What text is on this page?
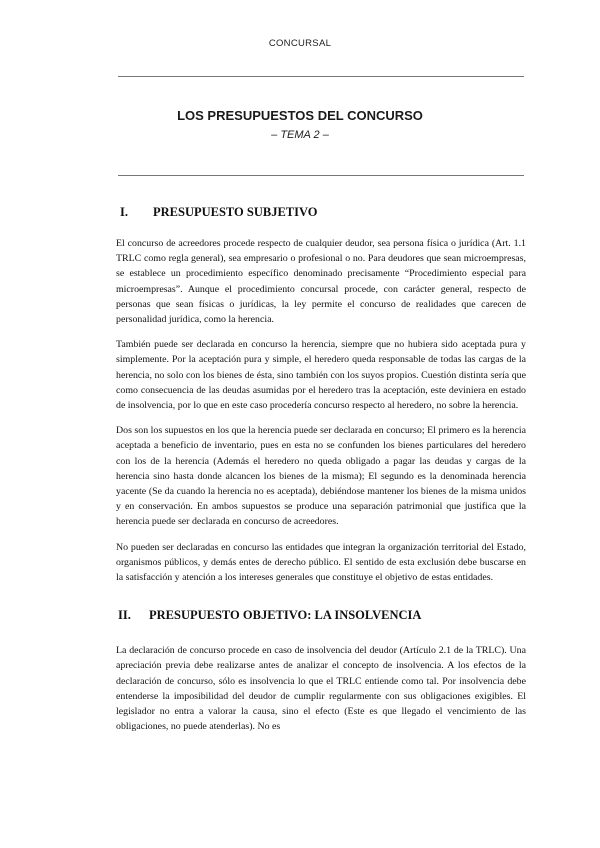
CONCURSAL
LOS PRESUPUESTOS DEL CONCURSO
– TEMA 2 –
I.	PRESUPUESTO SUBJETIVO

El concurso de acreedores procede respecto de cualquier deudor, sea persona física o jurídica (Art. 1.1 TRLC como regla general), sea empresario o profesional o no. Para deudores que sean microempresas, se establece un procedimiento específico denominado precisamente “Procedimiento especial para microempresas”. Aunque el procedimiento concursal procede, con carácter general, respecto de personas que sean físicas o jurídicas, la ley permite el concurso de realidades que carecen de personalidad jurídica, como la herencia.

También puede ser declarada en concurso la herencia, siempre que no hubiera sido aceptada pura y simplemente. Por la aceptación pura y simple, el heredero queda responsable de todas las cargas de la herencia, no solo con los bienes de ésta, sino también con los suyos propios. Cuestión distinta sería que como consecuencia de las deudas asumidas por el heredero tras la aceptación, este deviniera en estado de insolvencia, por lo que en este caso procedería concurso respecto al heredero, no sobre la herencia.

Dos son los supuestos en los que la herencia puede ser declarada en concurso; El primero es la herencia aceptada a beneficio de inventario, pues en esta no se confunden los bienes particulares del heredero con los de la herencia (Además el heredero no queda obligado a pagar las deudas y cargas de la herencia sino hasta donde alcancen los bienes de la misma); El segundo es la denominada herencia yacente (Se da cuando la herencia no es aceptada), debiéndose mantener los bienes de la misma unidos y en conservación. En ambos supuestos se produce una separación patrimonial que justifica que la herencia puede ser declarada en concurso de acreedores.

No pueden ser declaradas en concurso las entidades que integran la organización territorial del Estado, organismos públicos, y demás entes de derecho público. El sentido de esta exclusión debe buscarse en la satisfacción y atención a los intereses generales que constituye el objetivo de estas entidades.

II.	PRESUPUESTO OBJETIVO: LA INSOLVENCIA

La declaración de concurso procede en caso de insolvencia del deudor (Artículo 2.1 de la TRLC). Una apreciación previa debe realizarse antes de analizar el concepto de insolvencia. A los efectos de la declaración de concurso, sólo es insolvencia lo que el TRLC entiende como tal. Por insolvencia debe entenderse la imposibilidad del deudor de cumplir regularmente con sus obligaciones exigibles. El legislador no entra a valorar la causa, sino el efecto (Este es que llegado el vencimiento de las obligaciones, no puede atenderlas). No es
